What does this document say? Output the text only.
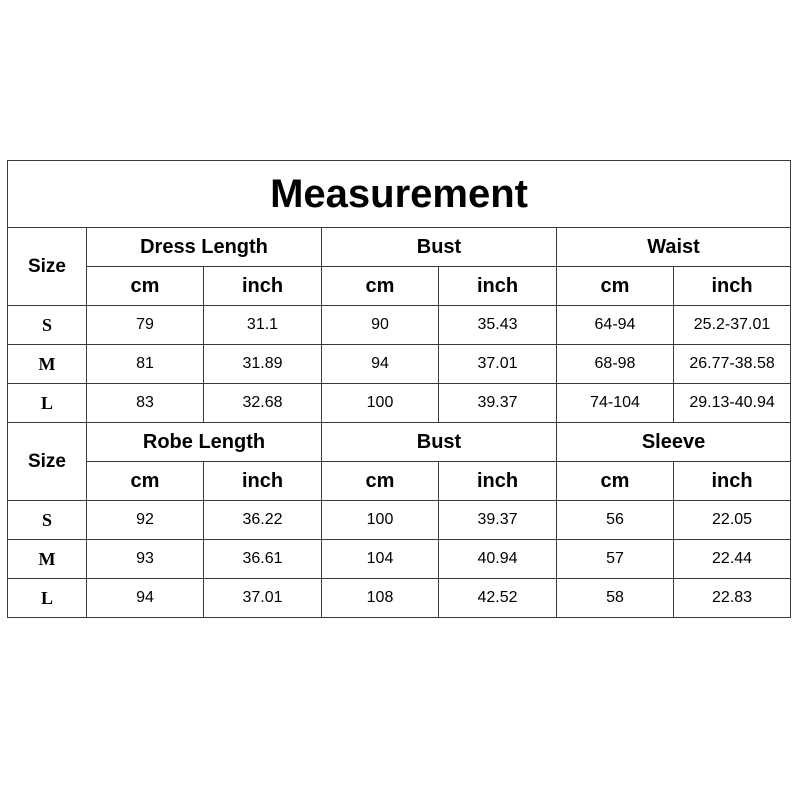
Measurement						
Size	Dress Length		Bust		Waist	
	cm	inch	cm	inch	cm	inch
S	79	31.1	90	35.43	64-94	25.2-37.01
M	81	31.89	94	37.01	68-98	26.77-38.58
L	83	32.68	100	39.37	74-104	29.13-40.94
Size	Robe Length		Bust		Sleeve	
	cm	inch	cm	inch	cm	inch
S	92	36.22	100	39.37	56	22.05
M	93	36.61	104	40.94	57	22.44
L	94	37.01	108	42.52	58	22.83
